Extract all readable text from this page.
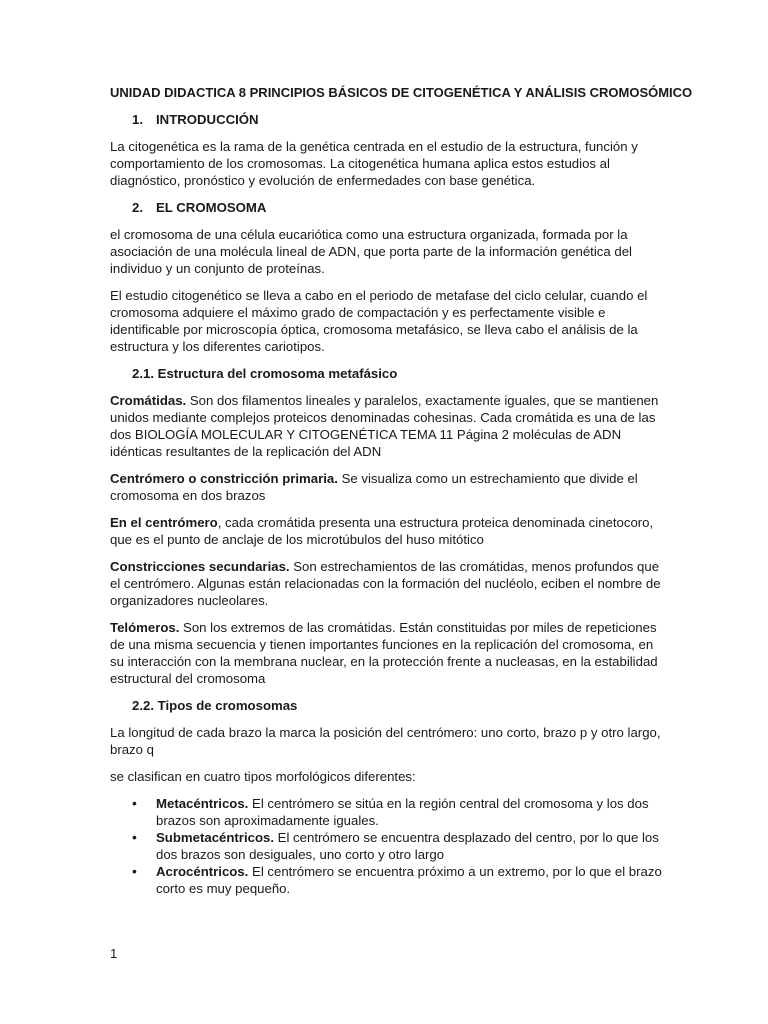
UNIDAD DIDACTICA 8 PRINCIPIOS BÁSICOS DE CITOGENÉTICA Y ANÁLISIS CROMOSÓMICO
1. INTRODUCCIÓN

La citogenética es la rama de la genética centrada en el estudio de la estructura, función y comportamiento de los cromosomas. La citogenética humana aplica estos estudios al diagnóstico, pronóstico y evolución de enfermedades con base genética.

2. EL CROMOSOMA

el cromosoma de una célula eucariótica como una estructura organizada, formada por la asociación de una molécula lineal de ADN, que porta parte de la información genética del individuo y un conjunto de proteínas.

El estudio citogenético se lleva a cabo en el periodo de metafase del ciclo celular, cuando el cromosoma adquiere el máximo grado de compactación y es perfectamente visible e identificable por microscopía óptica, cromosoma metafásico, se lleva cabo el análisis de la estructura y los diferentes cariotipos.

2.1. Estructura del cromosoma metafásico

Cromátidas. Son dos filamentos lineales y paralelos, exactamente iguales, que se mantienen unidos mediante complejos proteicos denominadas cohesinas. Cada cromátida es una de las dos BIOLOGÍA MOLECULAR Y CITOGENÉTICA TEMA 11 Página 2 moléculas de ADN idénticas resultantes de la replicación del ADN

Centrómero o constricción primaria. Se visualiza como un estrechamiento que divide el cromosoma en dos brazos

En el centrómero, cada cromátida presenta una estructura proteica denominada cinetocoro, que es el punto de anclaje de los microtúbulos del huso mitótico

Constricciones secundarias. Son estrechamientos de las cromátidas, menos profundos que el centrómero. Algunas están relacionadas con la formación del nucléolo, eciben el nombre de organizadores nucleolares.

Telómeros. Son los extremos de las cromátidas. Están constituidas por miles de repeticiones de una misma secuencia y tienen importantes funciones en la replicación del cromosoma, en su interacción con la membrana nuclear, en la protección frente a nucleasas, en la estabilidad estructural del cromosoma

2.2. Tipos de cromosomas

La longitud de cada brazo la marca la posición del centrómero: uno corto, brazo p y otro largo, brazo q

se clasifican en cuatro tipos morfológicos diferentes:

• Metacéntricos. El centrómero se sitúa en la región central del cromosoma y los dos brazos son aproximadamente iguales.
• Submetacéntricos. El centrómero se encuentra desplazado del centro, por lo que los dos brazos son desiguales, uno corto y otro largo
• Acrocéntricos. El centrómero se encuentra próximo a un extremo, por lo que el brazo corto es muy pequeño.
1
